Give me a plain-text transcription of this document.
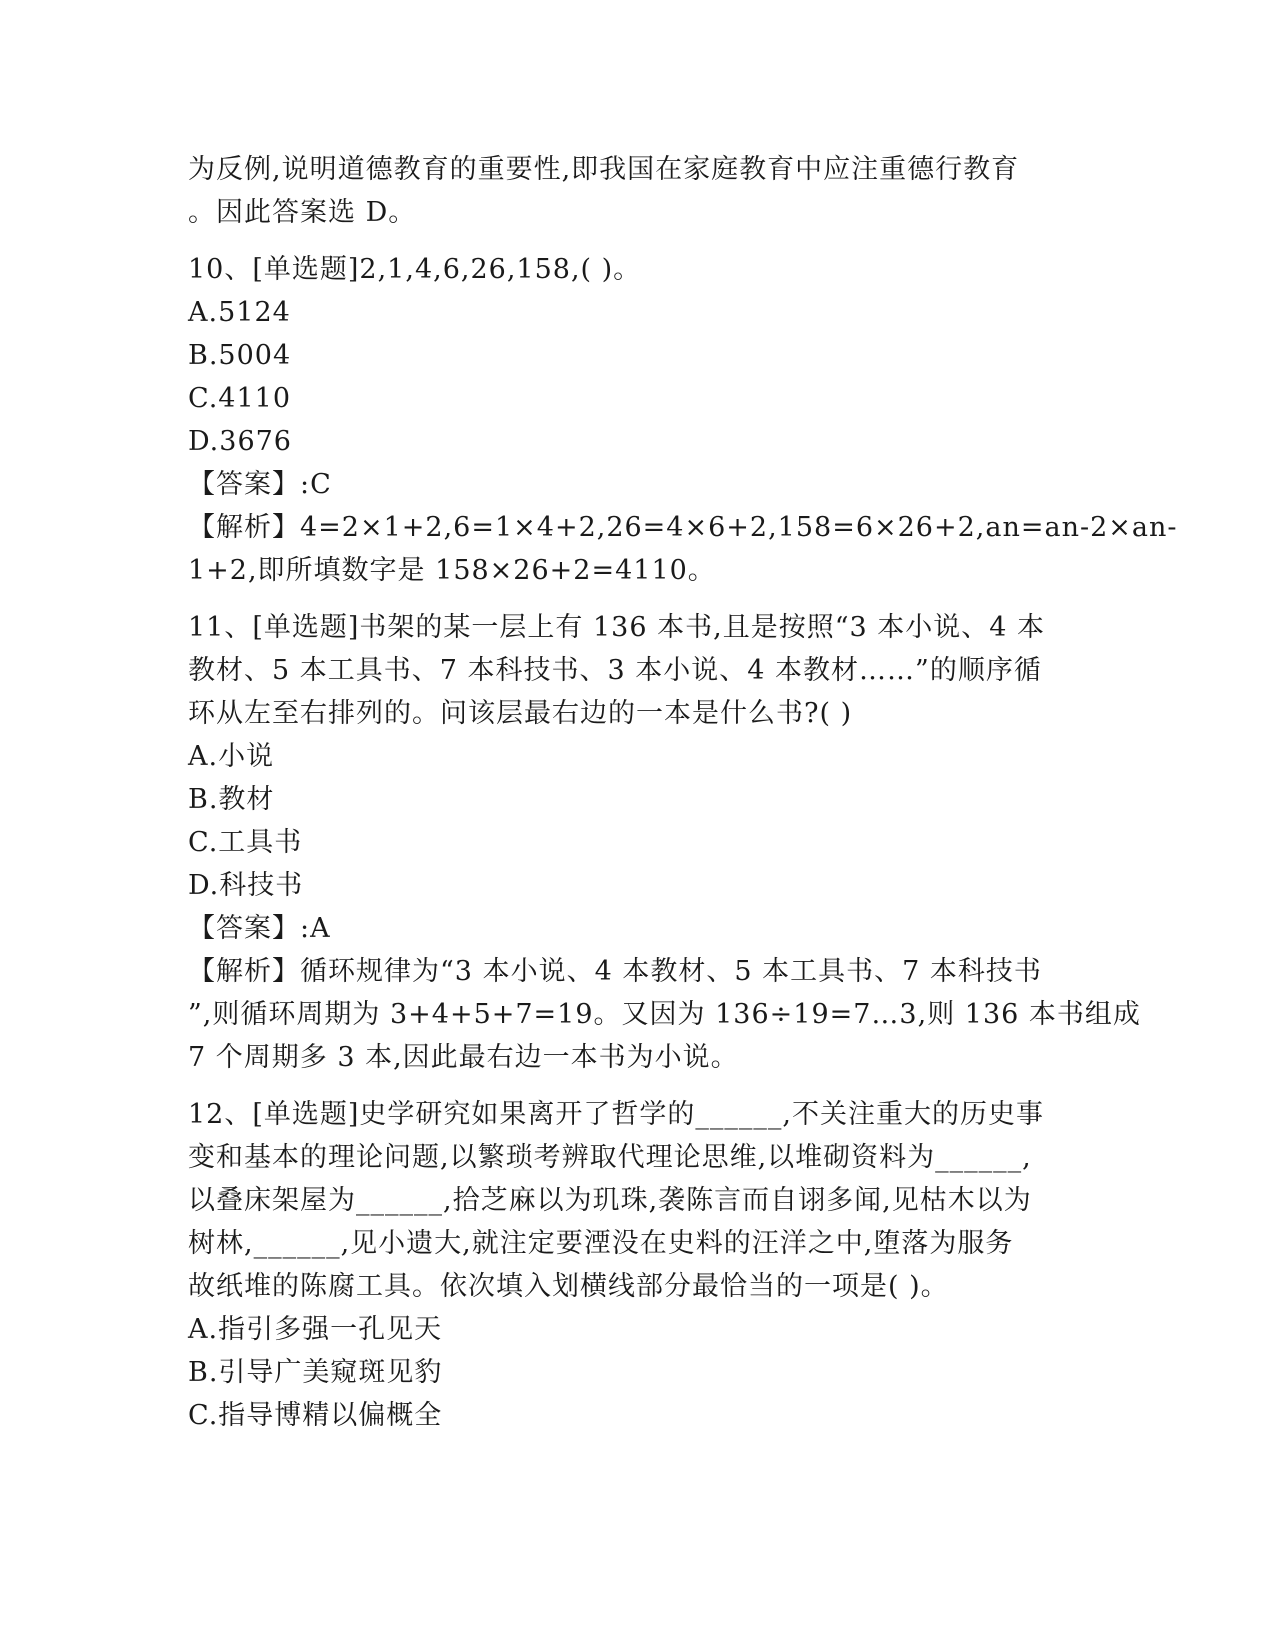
为反例,说明道德教育的重要性,即我国在家庭教育中应注重德行教育
。因此答案选 D。
10、[单选题]2,1,4,6,26,158,( )。
A.5124
B.5004
C.4110
D.3676
【答案】:C
【解析】4=2×1+2,6=1×4+2,26=4×6+2,158=6×26+2,an=an-2×an-
1+2,即所填数字是 158×26+2=4110。
11、[单选题]书架的某一层上有 136 本书,且是按照“3 本小说、4 本
教材、5 本工具书、7 本科技书、3 本小说、4 本教材……”的顺序循
环从左至右排列的。问该层最右边的一本是什么书?( )
A.小说
B.教材
C.工具书
D.科技书
【答案】:A
【解析】循环规律为“3 本小说、4 本教材、5 本工具书、7 本科技书
”,则循环周期为 3+4+5+7=19。又因为 136÷19=7…3,则 136 本书组成
7 个周期多 3 本,因此最右边一本书为小说。
12、[单选题]史学研究如果离开了哲学的______,不关注重大的历史事
变和基本的理论问题,以繁琐考辨取代理论思维,以堆砌资料为______,
以叠床架屋为______,拾芝麻以为玑珠,袭陈言而自诩多闻,见枯木以为
树林,______,见小遗大,就注定要湮没在史料的汪洋之中,堕落为服务
故纸堆的陈腐工具。依次填入划横线部分最恰当的一项是( )。
A.指引多强一孔见天
B.引导广美窥斑见豹
C.指导博精以偏概全
